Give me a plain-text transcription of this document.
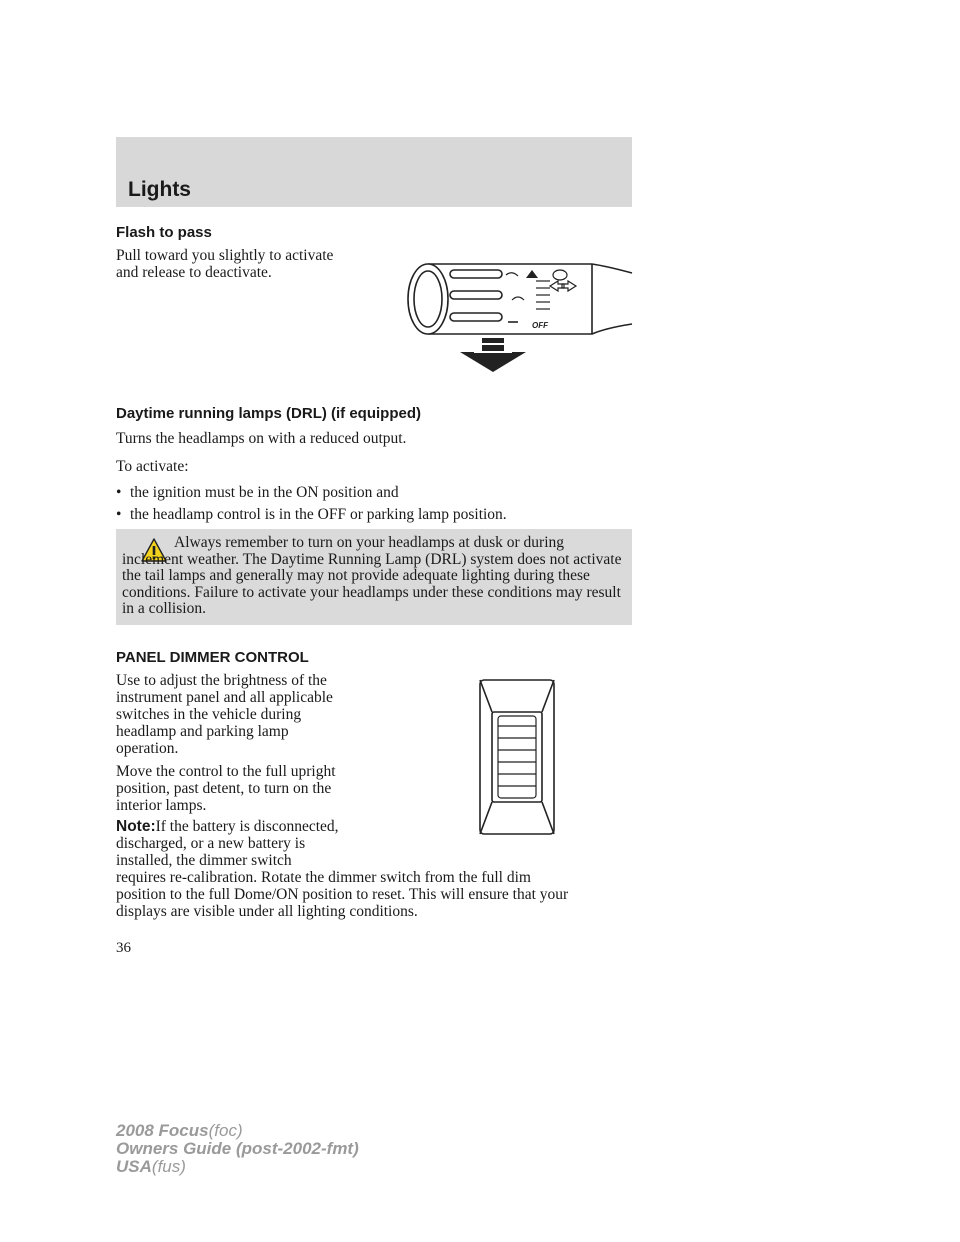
Lights
Flash to pass
Pull toward you slightly to activate
and release to deactivate.
OFF
Daytime running lamps (DRL) (if equipped)
Turns the headlamps on with a reduced output.
To activate:
• the ignition must be in the ON position and
• the headlamp control is in the OFF or parking lamp position.

Always remember to turn on your headlamps at dusk or during inclement weather. The Daytime Running Lamp (DRL) system does not activate the tail lamps and generally may not provide adequate lighting during these conditions. Failure to activate your headlamps under these conditions may result in a collision.

PANEL DIMMER CONTROL
Use to adjust the brightness of the
instrument panel and all applicable
switches in the vehicle during
headlamp and parking lamp
operation.
Move the control to the full upright
position, past detent, to turn on the
interior lamps.
Note:If the battery is disconnected,
discharged, or a new battery is
installed, the dimmer switch
requires re-calibration. Rotate the dimmer switch from the full dim
position to the full Dome/ON position to reset. This will ensure that your
displays are visible under all lighting conditions.
36
2008 Focus(foc)
Owners Guide (post-2002-fmt)
USA(fus)
